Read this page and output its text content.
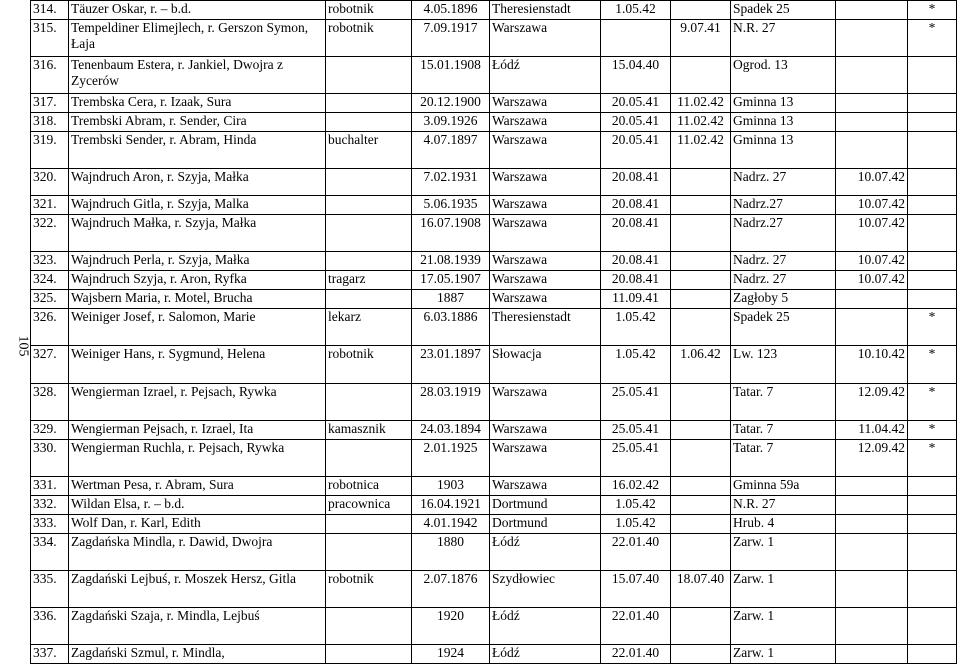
105
314.	Täuzer Oskar, r. – b.d.	robotnik	4.05.1896	Theresienstadt	1.05.42		Spadek 25		*
315.	Tempeldiner Elimejlech, r. Gerszon Symon, Łaja	robotnik	7.09.1917	Warszawa		9.07.41	N.R. 27		*
316.	Tenenbaum Estera, r. Jankiel, Dwojra z Zycerów		15.01.1908	Łódź	15.04.40		Ogrod. 13		
317.	Trembska Cera, r. Izaak, Sura		20.12.1900	Warszawa	20.05.41	11.02.42	Gminna 13		
318.	Trembski Abram, r. Sender, Cira		3.09.1926	Warszawa	20.05.41	11.02.42	Gminna 13		
319.	Trembski Sender, r. Abram, Hinda	buchalter	4.07.1897	Warszawa	20.05.41	11.02.42	Gminna 13		
320.	Wajndruch Aron, r. Szyja, Małka		7.02.1931	Warszawa	20.08.41		Nadrz. 27	10.07.42	
321.	Wajndruch Gitla, r. Szyja, Malka		5.06.1935	Warszawa	20.08.41		Nadrz.27	10.07.42	
322.	Wajndruch Małka, r. Szyja, Małka		16.07.1908	Warszawa	20.08.41		Nadrz.27	10.07.42	
323.	Wajndruch Perla, r. Szyja, Małka		21.08.1939	Warszawa	20.08.41		Nadrz. 27	10.07.42	
324.	Wajndruch Szyja, r. Aron, Ryfka	tragarz	17.05.1907	Warszawa	20.08.41		Nadrz. 27	10.07.42	
325.	Wajsbern Maria, r. Motel, Brucha		1887	Warszawa	11.09.41		Zagłoby 5		
326.	Weiniger Josef, r. Salomon, Marie	lekarz	6.03.1886	Theresienstadt	1.05.42		Spadek 25		*
327.	Weiniger Hans, r. Sygmund, Helena	robotnik	23.01.1897	Słowacja	1.05.42	1.06.42	Lw. 123	10.10.42	*
328.	Wengierman Izrael, r. Pejsach, Rywka		28.03.1919	Warszawa	25.05.41		Tatar. 7	12.09.42	*
329.	Wengierman Pejsach, r. Izrael, Ita	kamasznik	24.03.1894	Warszawa	25.05.41		Tatar. 7	11.04.42	*
330.	Wengierman Ruchla, r. Pejsach, Rywka		2.01.1925	Warszawa	25.05.41		Tatar. 7	12.09.42	*
331.	Wertman Pesa, r. Abram, Sura	robotnica	1903	Warszawa	16.02.42		Gminna 59a		
332.	Wildan Elsa, r. – b.d.	pracownica	16.04.1921	Dortmund	1.05.42		N.R. 27		
333.	Wolf Dan, r. Karl, Edith		4.01.1942	Dortmund	1.05.42		Hrub. 4		
334.	Zagdańska Mindla, r. Dawid, Dwojra		1880	Łódź	22.01.40		Zarw. 1		
335.	Zagdański Lejbuś, r. Moszek Hersz, Gitla	robotnik	2.07.1876	Szydłowiec	15.07.40	18.07.40	Zarw. 1		
336.	Zagdański Szaja, r. Mindla, Lejbuś		1920	Łódź	22.01.40		Zarw. 1		
337.	Zagdański Szmul, r. Mindla,		1924	Łódź	22.01.40		Zarw. 1		
